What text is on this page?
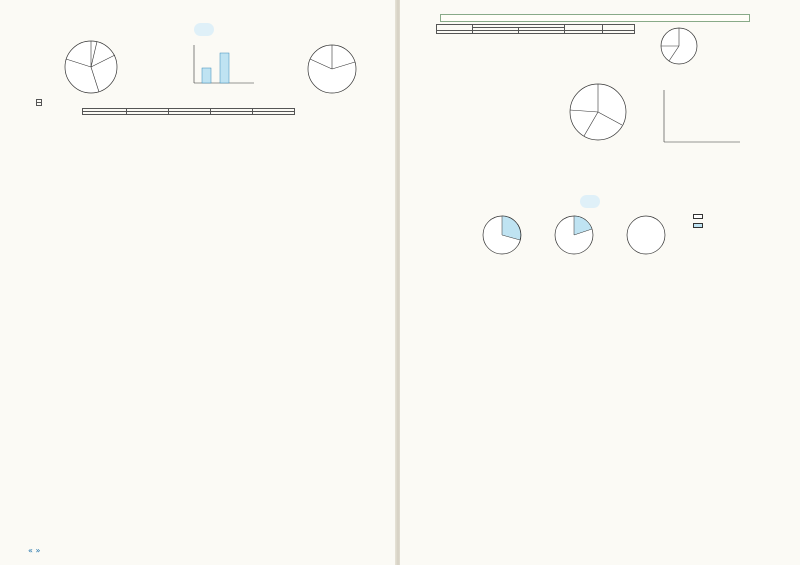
« »
